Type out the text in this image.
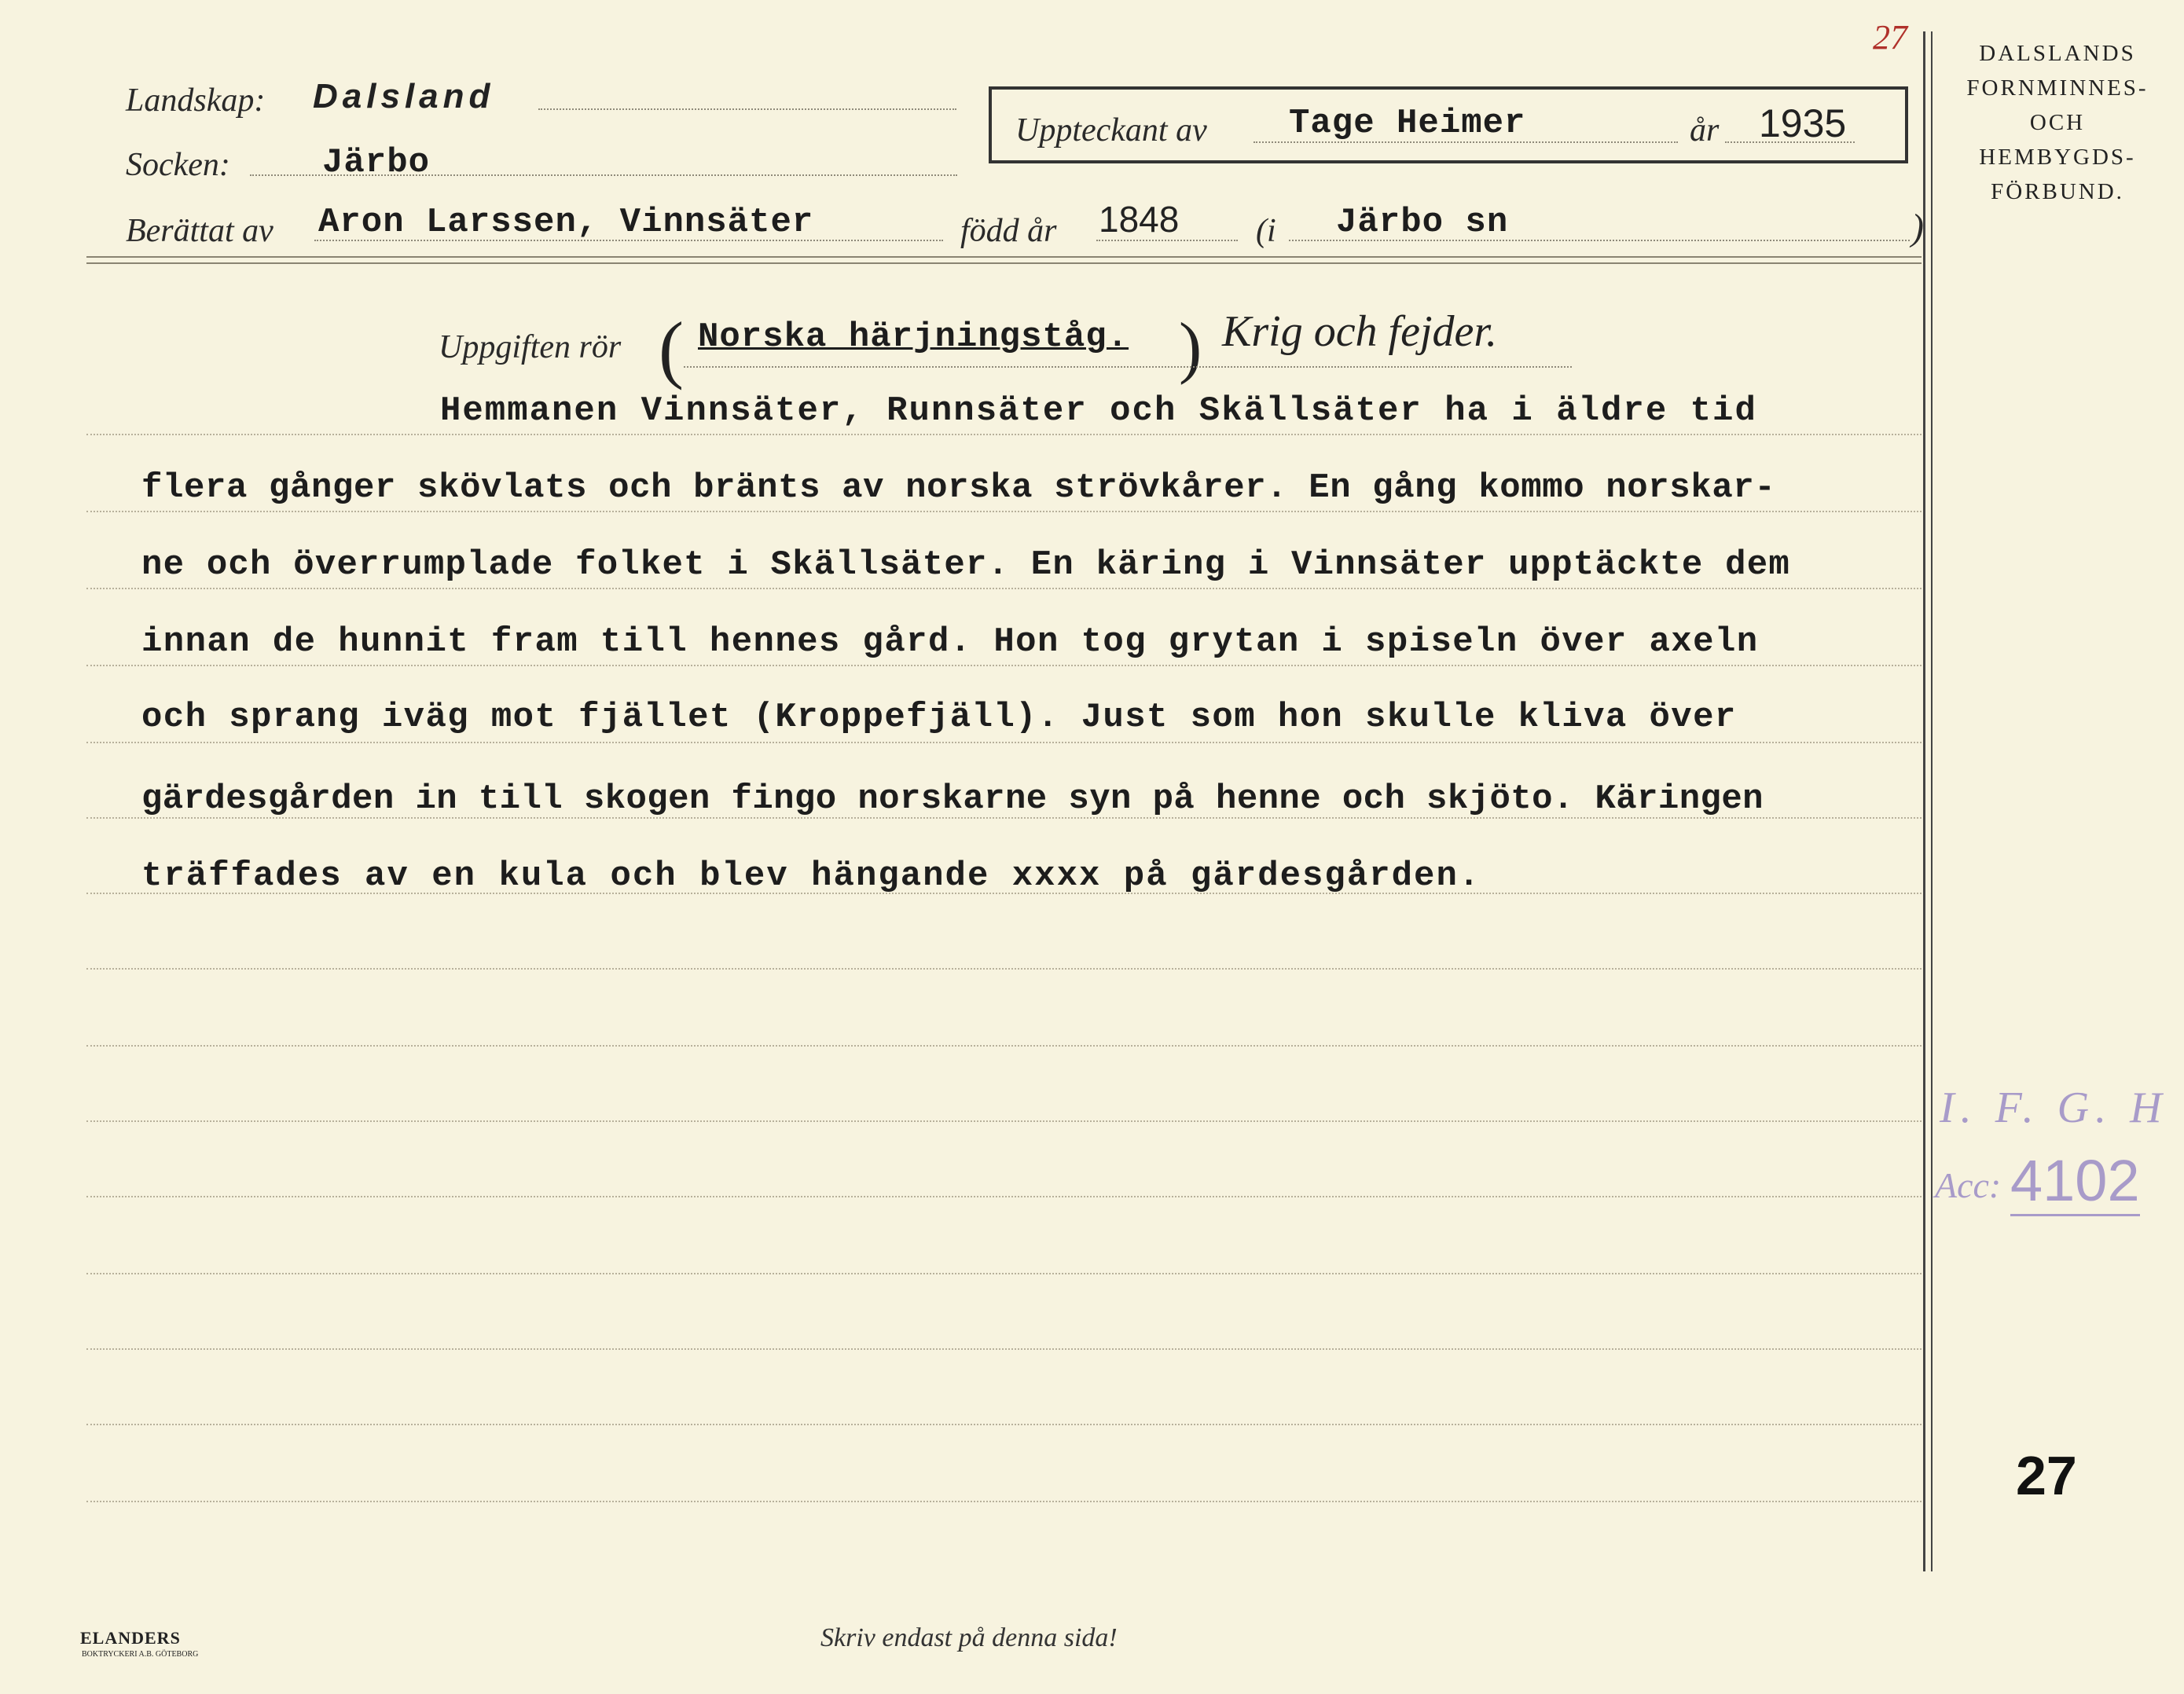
27
Landskap: Dalsland
Socken:	Järbo
Berättat av Aron Larssen, Vinnsäter	född år 1848 (i Järbo sn	)
Uppteckant av Tage Heimer	år 1935
DALSLANDS
FORNMINNES-
OCH
HEMBYGDS-
FÖRBUND.
Uppgiften rör ( Norska härjningståg. ) Krig och fejder.
Hemmanen Vinnsäter, Runnsäter och Skällsäter ha i äldre tid
flera gånger skövlats och bränts av norska strövkårer. En gång kommo norskar-
ne och överrumplade folket i Skällsäter. En käring i Vinnsäter upptäckte dem
innan de hunnit fram till hennes gård. Hon tog grytan i spiseln över axeln
och sprang iväg mot fjället (Kroppefjäll). Just som hon skulle kliva över
gärdesgården in till skogen fingo norskarne syn på henne och skjöto. Käringen
träffades av en kula och blev hängande xxxx på gärdesgården.
I. F. G. H
Acc: 4102
27
ELANDERS
BOKTRYCKERI A.B. GÖTEBORG
Skriv endast på denna sida!
